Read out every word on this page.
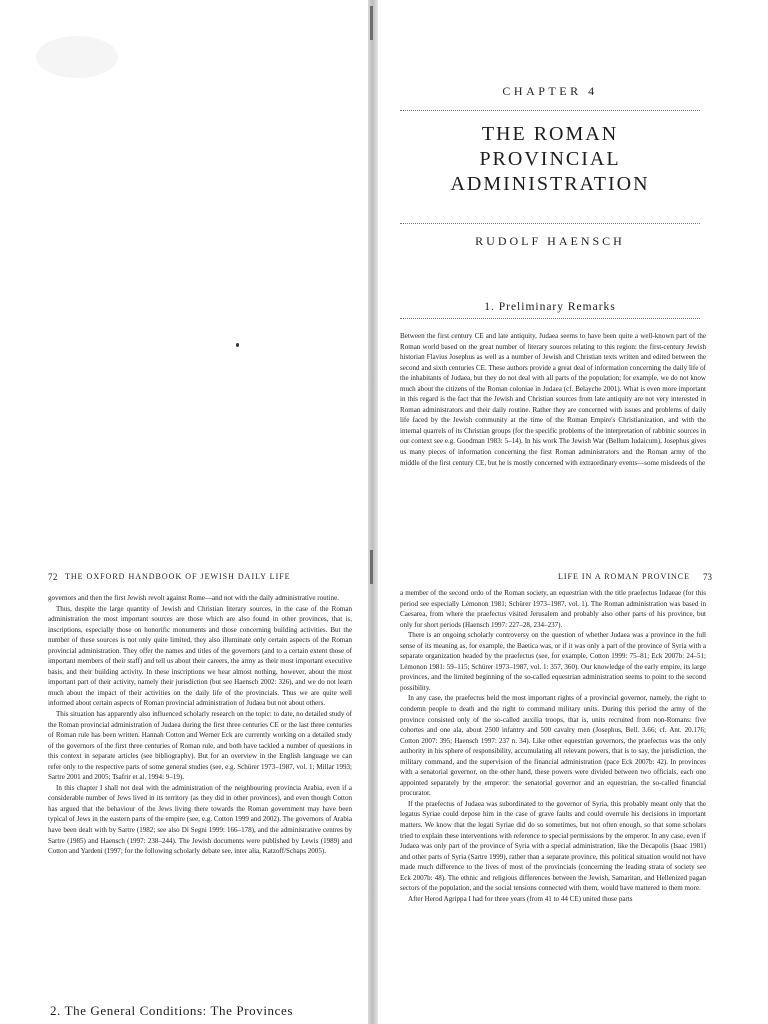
CHAPTER 4
THE ROMAN
PROVINCIAL
ADMINISTRATION
RUDOLF HAENSCH
1. Preliminary Remarks

Between the first century CE and late antiquity, Judaea seems to have been quite a well-known part of the Roman world based on the great number of literary sources relating to this region: the first-century Jewish historian Flavius Josephus as well as a number of Jewish and Christian texts written and edited between the second and sixth centuries CE. These authors provide a great deal of information concerning the daily life of the inhabitants of Judaea, but they do not deal with all parts of the population; for example, we do not know much about the citizens of the Roman coloniae in Judaea (cf. Belayche 2001). What is even more important in this regard is the fact that the Jewish and Christian sources from late antiquity are not very interested in Roman administrators and their daily routine. Rather they are concerned with issues and problems of daily life faced by the Jewish community at the time of the Roman Empire's Christianization, and with the internal quarrels of its Christian groups (for the specific problems of the interpretation of rabbinic sources in our context see e.g. Goodman 1983: 5–14). In his work The Jewish War (Bellum Iudaicum), Josephus gives us many pieces of information concerning the first Roman administrators and the Roman army of the middle of the first century CE, but he is mostly concerned with extraordinary events—some misdeeds of the

72 THE OXFORD HANDBOOK OF JEWISH DAILY LIFE

governors and then the first Jewish revolt against Rome—and not with the daily administrative routine.

Thus, despite the large quantity of Jewish and Christian literary sources, in the case of the Roman administration the most important sources are those which are also found in other provinces, that is, inscriptions, especially those on honorific monuments and those concerning building activities. But the number of these sources is not only quite limited, they also illuminate only certain aspects of the Roman provincial administration. They offer the names and titles of the governors (and to a certain extent those of important members of their staff) and tell us about their careers, the army as their most important executive basis, and their building activity. In these inscriptions we hear almost nothing, however, about the most important part of their activity, namely their jurisdiction (but see Haensch 2002: 326), and we do not learn much about the impact of their activities on the daily life of the provincials. Thus we are quite well informed about certain aspects of Roman provincial administration of Judaea but not about others.

This situation has apparently also influenced scholarly research on the topic: to date, no detailed study of the Roman provincial administration of Judaea during the first three centuries CE or the last three centuries of Roman rule has been written. Hannah Cotton and Werner Eck are currently working on a detailed study of the governors of the first three centuries of Roman rule, and both have tackled a number of questions in this context in separate articles (see bibliography). But for an overview in the English language we can refer only to the respective parts of some general studies (see, e.g. Schürer 1973–1987, vol. 1; Millar 1993; Sartre 2001 and 2005; Tsafrir et al. 1994: 9–19).

In this chapter I shall not deal with the administration of the neighbouring provincia Arabia, even if a considerable number of Jews lived in its territory (as they did in other provinces), and even though Cotton has argued that the behaviour of the Jews living there towards the Roman government may have been typical of Jews in the eastern parts of the empire (see, e.g. Cotton 1999 and 2002). The governors of Arabia have been dealt with by Sartre (1982; see also Di Segni 1999: 166–178), and the administrative centres by Sartre (1985) and Haensch (1997: 238–244). The Jewish documents were published by Lewis (1989) and Cotton and Yardeni (1997; for the following scholarly debate see, inter alia, Katzoff/Schaps 2005).

2. The General Conditions: The Provinces
LIFE IN A ROMAN PROVINCE 73

a member of the second ordo of the Roman society, an equestrian with the title praefectus Iudaeae (for this period see especially Lémonon 1981; Schürer 1973–1987, vol. 1). The Roman administration was based in Caesarea, from where the praefectus visited Jerusalem and probably also other parts of his province, but only for short periods (Haensch 1997: 227–28, 234–237).

There is an ongoing scholarly controversy on the question of whether Judaea was a province in the full sense of its meaning as, for example, the Baetica was, or if it was only a part of the province of Syria with a separate organization headed by the praefectus (see, for example, Cotton 1999: 75–81; Eck 2007b: 24–51; Lémonon 1981: 59–115; Schürer 1973–1987, vol. 1: 357, 360). Our knowledge of the early empire, its large provinces, and the limited beginning of the so-called equestrian administration seems to point to the second possibility.

In any case, the praefectus held the most important rights of a provincial governor, namely, the right to condemn people to death and the right to command military units. During this period the army of the province consisted only of the so-called auxilia troops, that is, units recruited from non-Romans: five cohortes and one ala, about 2500 infantry and 500 cavalry men (Josephus, Bell. 3.66; cf. Ant. 20.176; Cotton 2007: 395; Haensch 1997: 237 n. 34). Like other equestrian governors, the praefectus was the only authority in his sphere of responsibility, accumulating all relevant powers, that is to say, the jurisdiction, the military command, and the supervision of the financial administration (pace Eck 2007b: 42). In provinces with a senatorial governor, on the other hand, these powers were divided between two officials, each one appointed separately by the emperor: the senatorial governor and an equestrian, the so-called financial procurator.

If the praefectus of Judaea was subordinated to the governor of Syria, this probably meant only that the legatus Syriae could depose him in the case of grave faults and could overrule his decisions in important matters. We know that the legati Syriae did do so sometimes, but not often enough, so that some scholars tried to explain these interventions with reference to special permissions by the emperor. In any case, even if Judaea was only part of the province of Syria with a special administration, like the Decapolis (Isaac 1981) and other parts of Syria (Sartre 1999), rather than a separate province, this political situation would not have made much difference to the lives of most of the provincials (concerning the leading strata of society see Eck 2007b: 48). The ethnic and religious differences between the Jewish, Samaritan, and Hellenized pagan sectors of the population, and the social tensions connected with them, would have mattered to them more.

After Herod Agrippa I had for three years (from 41 to 44 CE) united those parts
